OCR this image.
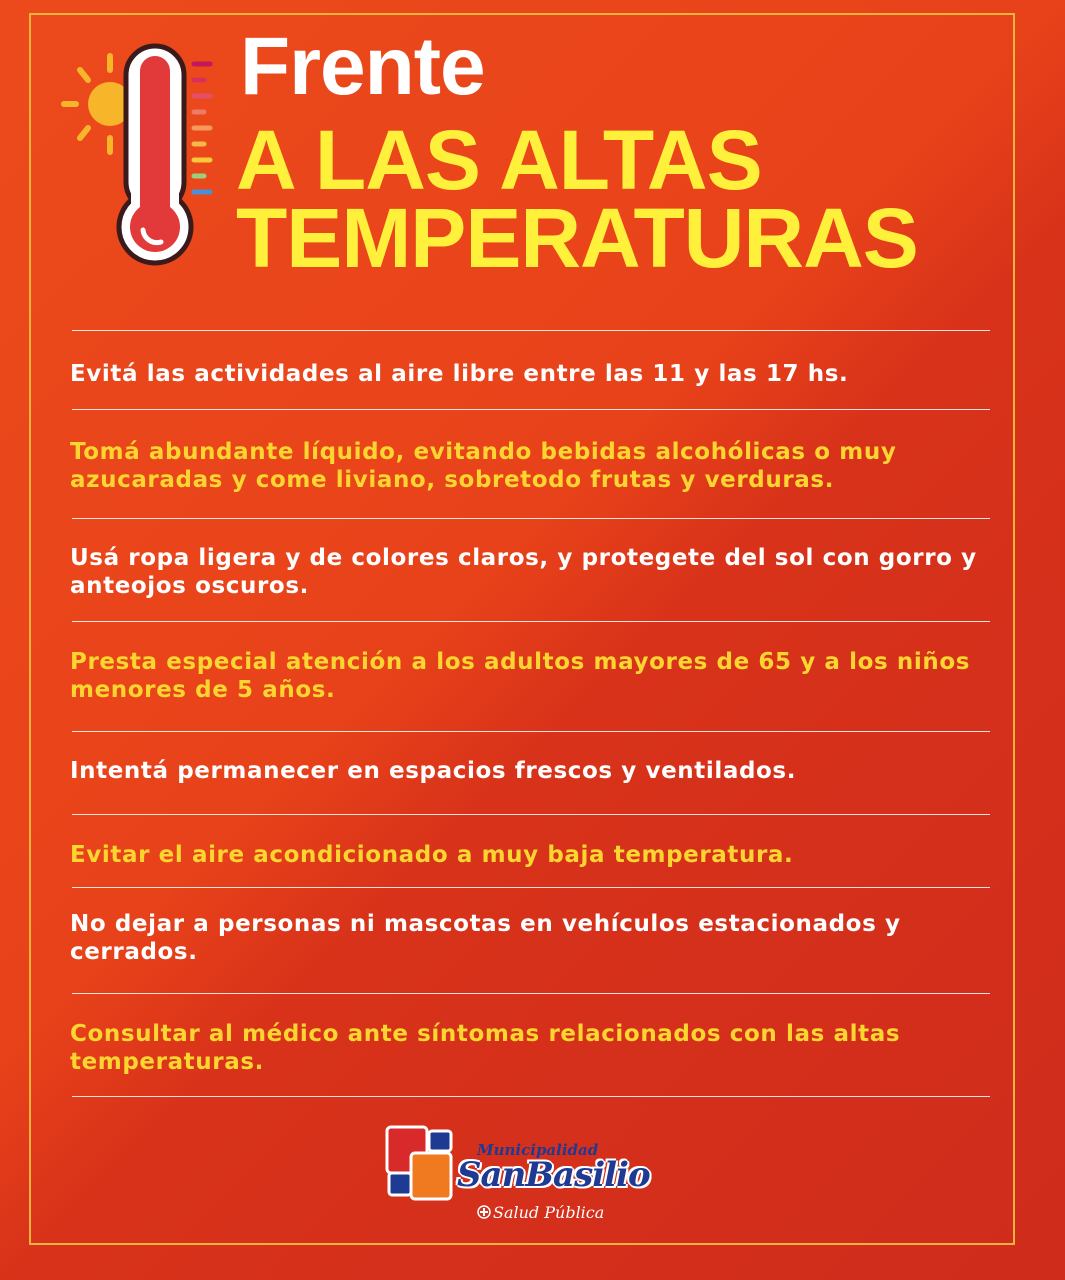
Frente
A LAS ALTAS
TEMPERATURAS

Evitá las actividades al aire libre entre las 11 y las 17 hs.

Tomá abundante líquido, evitando bebidas alcohólicas o muy azucaradas y come liviano, sobretodo frutas y verduras.

Usá ropa ligera y de colores claros, y protegete del sol con gorro y anteojos oscuros.

Presta especial atención a los adultos mayores de 65 y a los niños menores de 5 años.

Intentá permanecer en espacios frescos y ventilados.

Evitar el aire acondicionado a muy baja temperatura.

No dejar a personas ni mascotas en vehículos estacionados y cerrados.

Consultar al médico ante síntomas relacionados con las altas temperaturas.

Municipalidad
SanBasilio
Salud Pública
